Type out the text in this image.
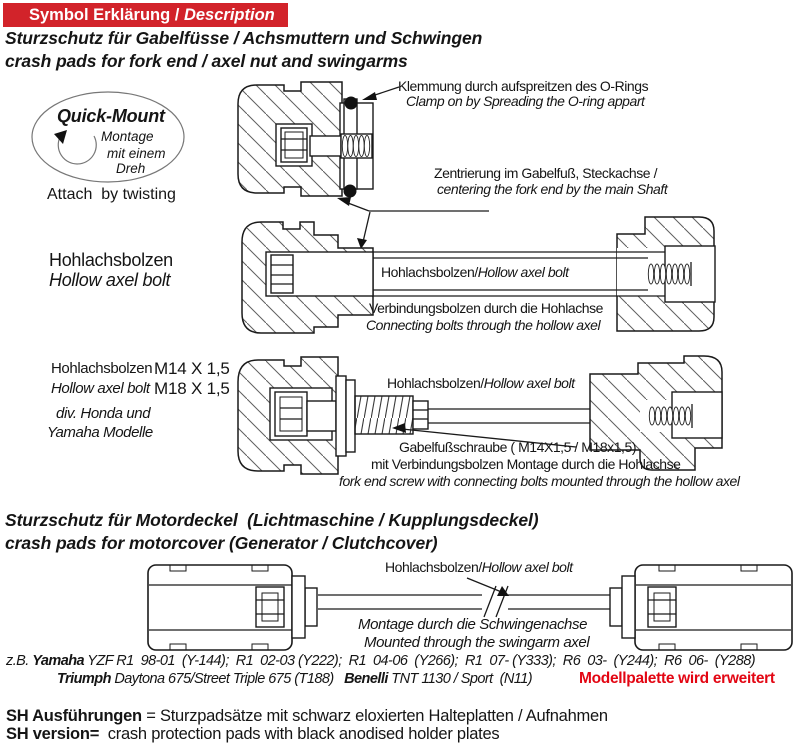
Symbol Erklärung / Description
Sturzschutz für Gabelfüsse / Achsmuttern und Schwingen
crash pads for fork end / axel nut and swingarms
Quick-Mount
Montage
mit einem
Dreh
Attach  by twisting
Klemmung durch aufspreitzen des O-Rings
Clamp on by Spreading the O-ring appart
Zentrierung im Gabelfuß, Steckachse /
centering the fork end by the main Shaft
Hohlachsbolzen
Hollow axel bolt	Hohlachsbolzen/Hollow axel bolt
Verbindungsbolzen durch die Hohlachse
Connecting bolts through the hollow axel
Hohlachsbolzen M14 X 1,5
Hollow axel bolt M18 X 1,5
div. Honda und
Yamaha Modelle
Hohlachsbolzen/Hollow axel bolt
Gabelfußschraube ( M14X1,5 / M18x1,5)
mit Verbindungsbolzen Montage durch die Hohlachse
fork end screw with connecting bolts mounted through the hollow axel
Sturzschutz für Motordeckel  (Lichtmaschine / Kupplungsdeckel)
crash pads for motorcover (Generator / Clutchcover)
Hohlachsbolzen/Hollow axel bolt
Montage durch die Schwingenachse
Mounted through the swingarm axel
z.B. Yamaha YZF R1  98-01  (Y-144);  R1  02-03 (Y222);  R1  04-06  (Y266);  R1  07- (Y333);  R6  03-  (Y244);  R6  06-  (Y288)
Triumph Daytona 675/Street Triple 675 (T188)   Benelli TNT 1130 / Sport  (N11)	Modellpalette wird erweitert
SH Ausführungen = Sturzpadsätze mit schwarz eloxierten Halteplatten / Aufnahmen
SH version=  crash protection pads with black anodised holder plates
